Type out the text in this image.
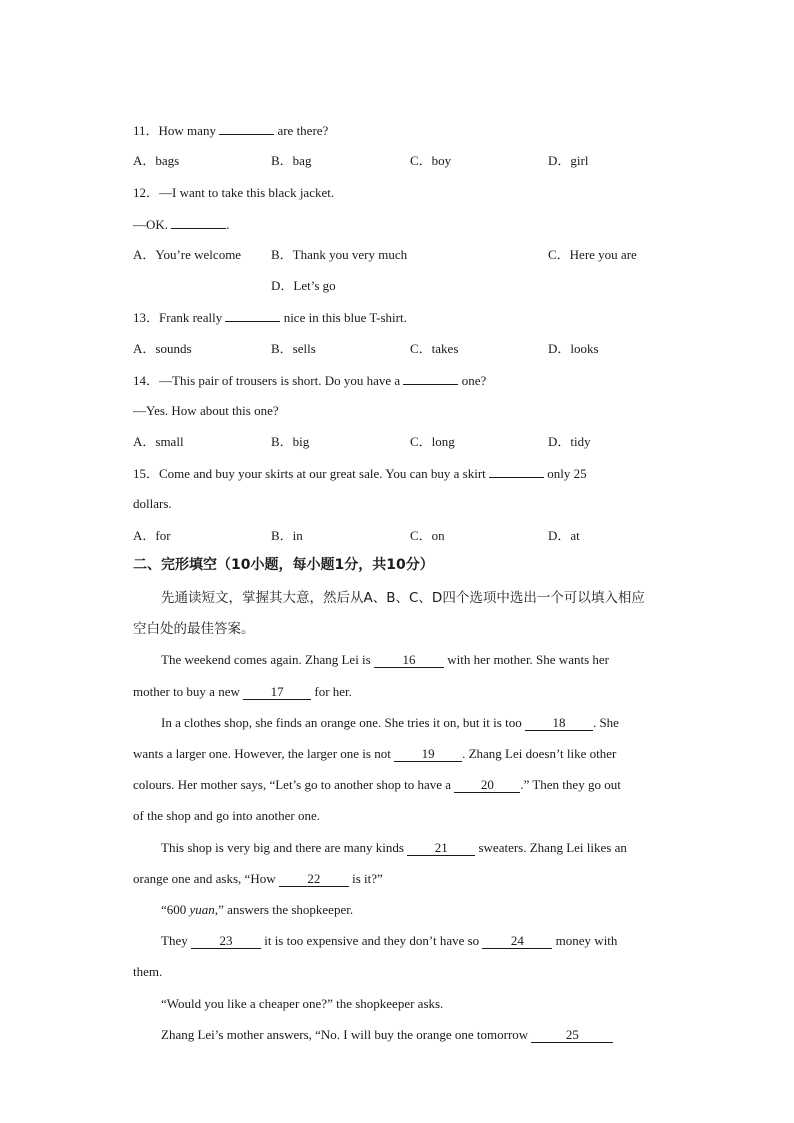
11．How many	are there?
A．bags	B．bag	C．boy	D．girl
12．—I want to take this black jacket.
—OK.	.
A．You’re welcome B．Thank you very much	C．Here you are
D．Let’s go
13．Frank really	nice in this blue T-shirt.
A．sounds	B．sells	C．takes	D．looks
14．—This pair of trousers is short. Do you have a	one?
—Yes. How about this one?
A．small	B．big	C．long	D．tidy
15．Come and buy your skirts at our great sale. You can buy a skirt	only 25
dollars.
A．for	B．in	C．on	D．at
二、完形填空（10小题，每小题1分，共10分）
先通读短文，掌握其大意，然后从A、B、C、D四个选项中选出一个可以填入相应
空白处的最佳答案。
The weekend comes again. Zhang Lei is 16 with her mother. She wants her
mother to buy a new 17 for her.
In a clothes shop, she finds an orange one. She tries it on, but it is too 18 . She
wants a larger one. However, the larger one is not 19 . Zhang Lei doesn’t like other
colours. Her mother says, “Let’s go to another shop to have a 20 .” Then they go out
of the shop and go into another one.
This shop is very big and there are many kinds 21 sweaters. Zhang Lei likes an
orange one and asks, “How 22 is it?”
“600 yuan,” answers the shopkeeper.
They 23 it is too expensive and they don’t have so 24 money with
them.
“Would you like a cheaper one?” the shopkeeper asks.
Zhang Lei’s mother answers, “No. I will buy the orange one tomorrow	25
